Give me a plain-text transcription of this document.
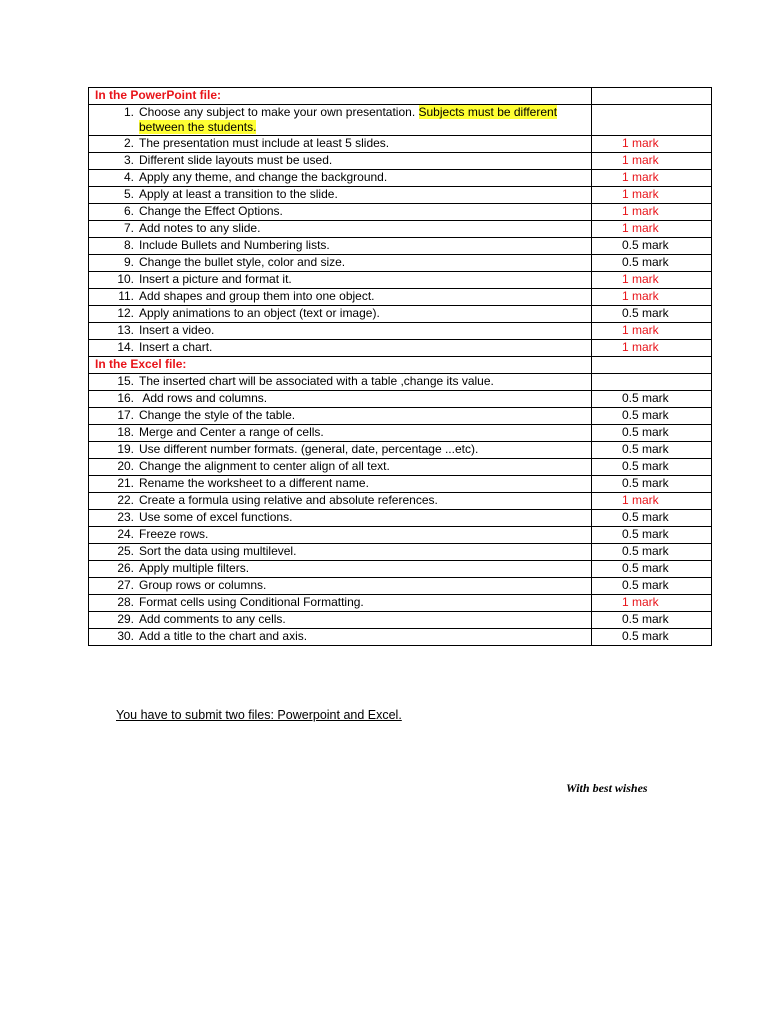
In the PowerPoint file:	

1. Choose any subject to make your own presentation. Subjects must be different between the students.	

2. The presentation must include at least 5 slides.	1 mark

3. Different slide layouts must be used.	1 mark

4. Apply any theme, and change the background.	1 mark

5. Apply at least a transition to the slide.	1 mark

6. Change the Effect Options.	1 mark

7. Add notes to any slide.	1 mark

8. Include Bullets and Numbering lists.	0.5 mark

9. Change the bullet style, color and size.	0.5 mark

10. Insert a picture and format it.	1 mark

11. Add shapes and group them into one object.	1 mark

12. Apply animations to an object (text or image).	0.5 mark

13. Insert a video.	1 mark

14. Insert a chart.	1 mark
In the Excel file:	

15. The inserted chart will be associated with a table ,change its value.	

16. Add rows and columns.	0.5 mark

17. Change the style of the table.	0.5 mark

18. Merge and Center a range of cells.	0.5 mark

19. Use different number formats. (general, date, percentage ...etc).	0.5 mark

20. Change the alignment to center align of all text.	0.5 mark

21. Rename the worksheet to a different name.	0.5 mark

22. Create a formula using relative and absolute references.	1 mark

23. Use some of excel functions.	0.5 mark

24. Freeze rows.	0.5 mark

25. Sort the data using multilevel.	0.5 mark

26. Apply multiple filters.	0.5 mark

27. Group rows or columns.	0.5 mark

28. Format cells using Conditional Formatting.	1 mark

29. Add comments to any cells.	0.5 mark

30. Add a title to the chart and axis.	0.5 mark
You have to submit two files: Powerpoint and Excel.
With best wishes
